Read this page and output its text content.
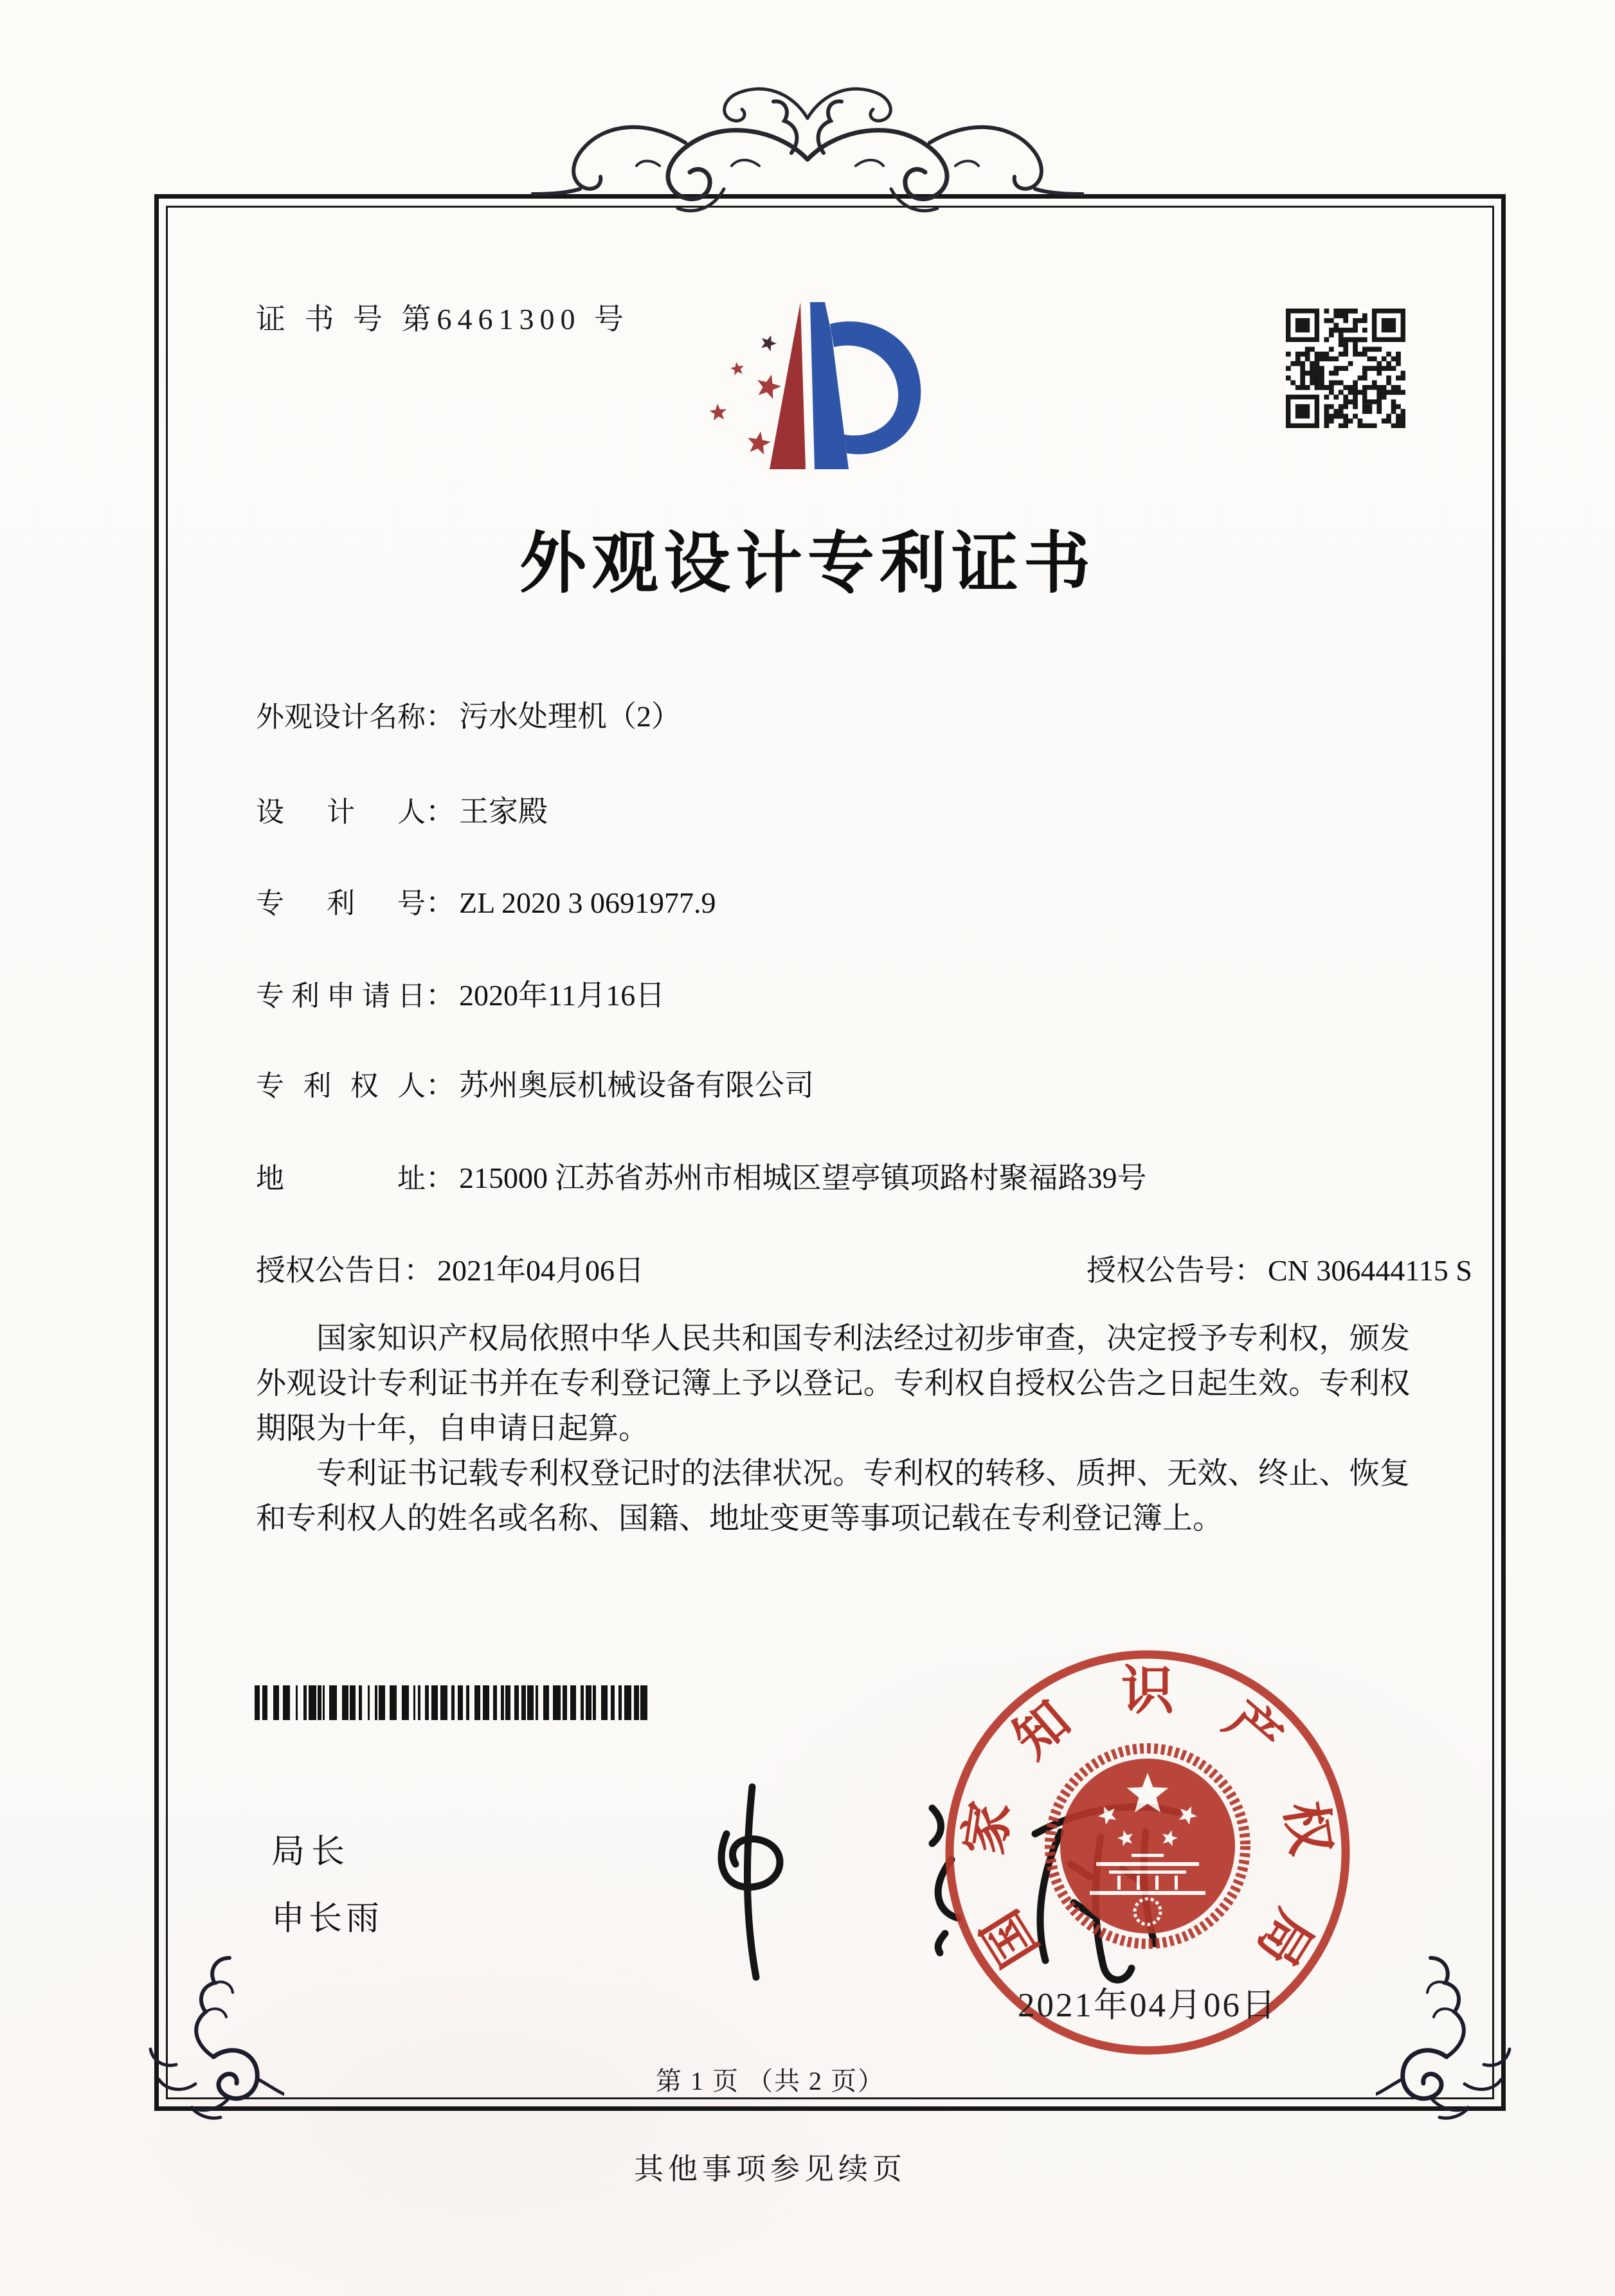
证 书 号 第6461300 号
外观设计专利证书
外观设计名称： 污水处理机（2）
设计人： 王家殿
专利号： ZL 2020 3 0691977.9
专利申请日： 2020年11月16日
专利权人： 苏州奥辰机械设备有限公司
地址： 215000 江苏省苏州市相城区望亭镇项路村聚福路39号
授权公告日： 2021年04月06日	授权公告号： CN 306444115 S

国家知识产权局依照中华人民共和国专利法经过初步审查，决定授予专利权，颁发外观设计专利证书并在专利登记簿上予以登记。专利权自授权公告之日起生效。专利权期限为十年，自申请日起算。

专利证书记载专利权登记时的法律状况。专利权的转移、质押、无效、终止、恢复和专利权人的姓名或名称、国籍、地址变更等事项记载在专利登记簿上。

局长
申长雨
2021年04月06日
国
家
知 识 产
权
局
第 1 页 （共 2 页）
其他事项参见续页
